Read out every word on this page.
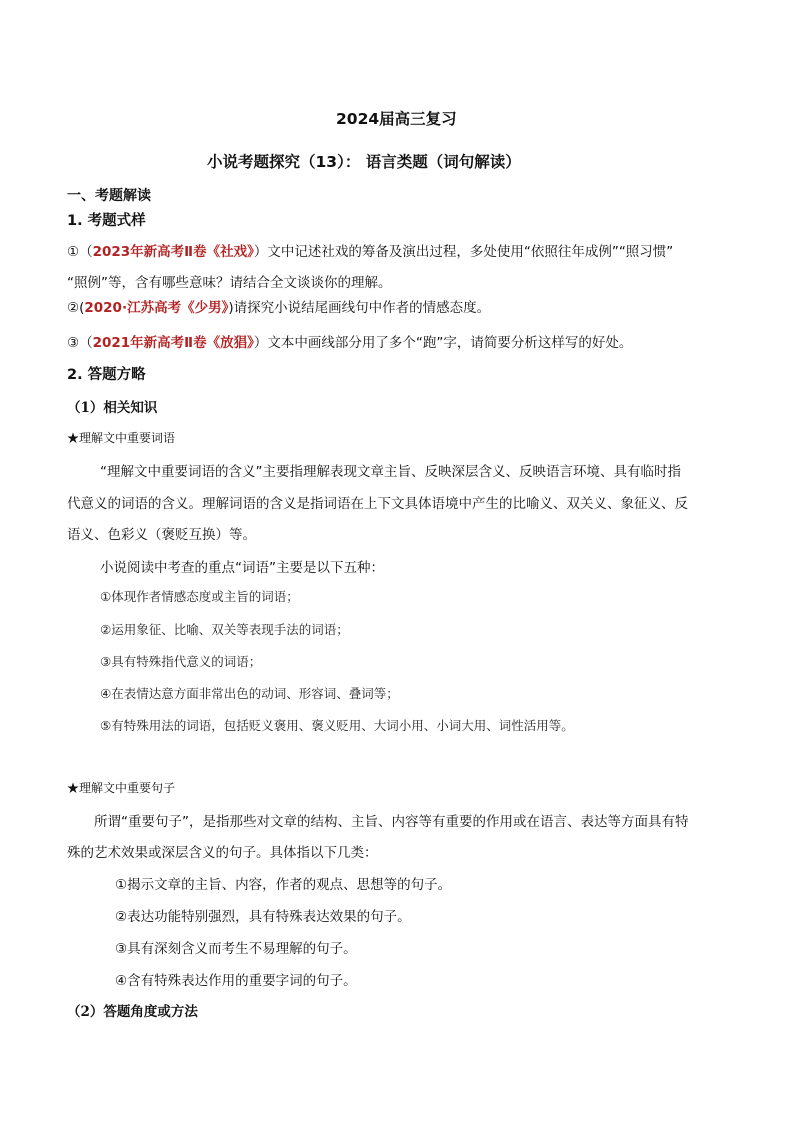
2024届高三复习
小说考题探究（13）： 语言类题（词句解读）
一、考题解读
1. 考题式样
①（2023年新高考Ⅱ卷《社戏》）文中记述社戏的筹备及演出过程，多处使用“依照往年成例”“照习惯”
“照例”等，含有哪些意味？请结合全文谈谈你的理解。
②(2020·江苏高考《少男》)请探究小说结尾画线句中作者的情感态度。
③（2021年新高考Ⅱ卷《放猖》）文本中画线部分用了多个“跑”字，请简要分析这样写的好处。
2. 答题方略
（1）相关知识
★理解文中重要词语
“理解文中重要词语的含义”主要指理解表现文章主旨、反映深层含义、反映语言环境、具有临时指
代意义的词语的含义。理解词语的含义是指词语在上下文具体语境中产生的比喻义、双关义、象征义、反
语义、色彩义（褒贬互换）等。
小说阅读中考查的重点“词语”主要是以下五种：
①体现作者情感态度或主旨的词语；
②运用象征、比喻、双关等表现手法的词语；
③具有特殊指代意义的词语；
④在表情达意方面非常出色的动词、形容词、叠词等；
⑤有特殊用法的词语，包括贬义褒用、褒义贬用、大词小用、小词大用、词性活用等。
★理解文中重要句子
所谓“重要句子”，是指那些对文章的结构、主旨、内容等有重要的作用或在语言、表达等方面具有特
殊的艺术效果或深层含义的句子。具体指以下几类：
①揭示文章的主旨、内容，作者的观点、思想等的句子。
②表达功能特别强烈，具有特殊表达效果的句子。
③具有深刻含义而考生不易理解的句子。
④含有特殊表达作用的重要字词的句子。
（2）答题角度或方法
